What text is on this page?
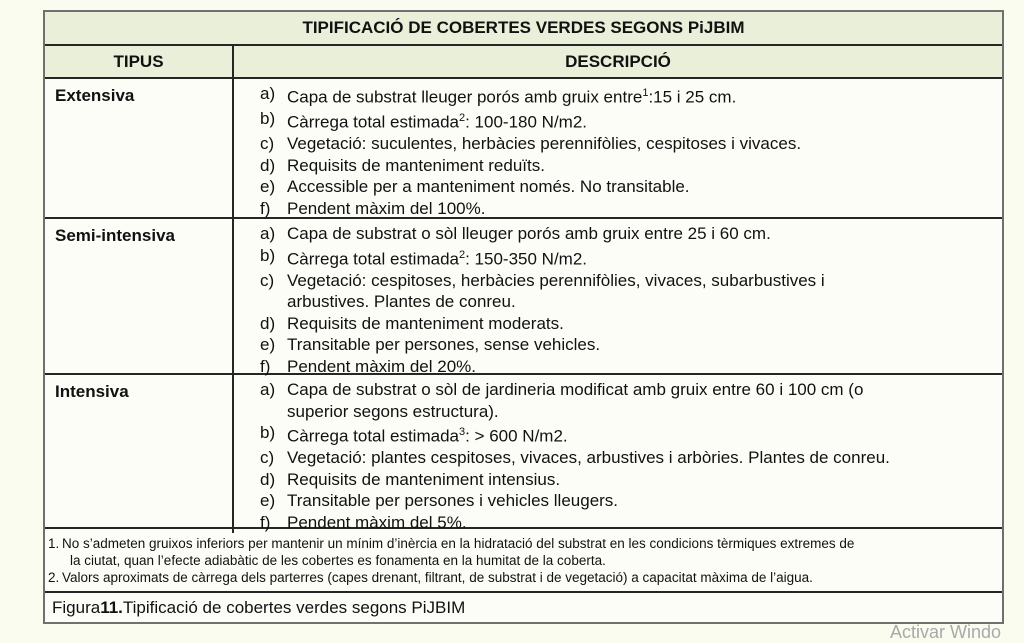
TIPIFICACIÓ DE COBERTES VERDES SEGONS PiJBIM
TIPUS	DESCRIPCIÓ
Extensiva	a) Capa de substrat lleuger porós amb gruix entre$^1$:15 i 25 cm.
b) Càrrega total estimada$^2$: 100-180 N/m2.
c) Vegetació: suculentes, herbàcies perennifòlies, cespitoses i vivaces.
d) Requisits de manteniment reduïts.
e) Accessible per a manteniment només. No transitable.
f) Pendent màxim del 100%.
Semi-intensiva	a) Capa de substrat o sòl lleuger porós amb gruix entre 25 i 60 cm.
b) Càrrega total estimada$^2$: 150-350 N/m2.
c) Vegetació: cespitoses, herbàcies perennifòlies, vivaces, subarbustives i
arbustives. Plantes de conreu.
d) Requisits de manteniment moderats.
e) Transitable per persones, sense vehicles.
f) Pendent màxim del 20%.
Intensiva	a) Capa de substrat o sòl de jardineria modificat amb gruix entre 60 i 100 cm (o
superior segons estructura).
b) Càrrega total estimada$^3$: > 600 N/m2.
c) Vegetació: plantes cespitoses, vivaces, arbustives i arbòries. Plantes de conreu.
d) Requisits de manteniment intensius.
e) Transitable per persones i vehicles lleugers.
f) Pendent màxim del 5%.
1. No s’admeten gruixos inferiors per mantenir un mínim d’inèrcia en la hidratació del substrat en les condicions tèrmiques extremes de
la ciutat, quan l’efecte adiabàtic de les cobertes es fonamenta en la humitat de la coberta.
2. Valors aproximats de càrrega dels parterres (capes drenant, filtrant, de substrat i de vegetació) a capacitat màxima de l’aigua.
Figura 11. Tipificació de cobertes verdes segons PiJBIM
Activar Windo
